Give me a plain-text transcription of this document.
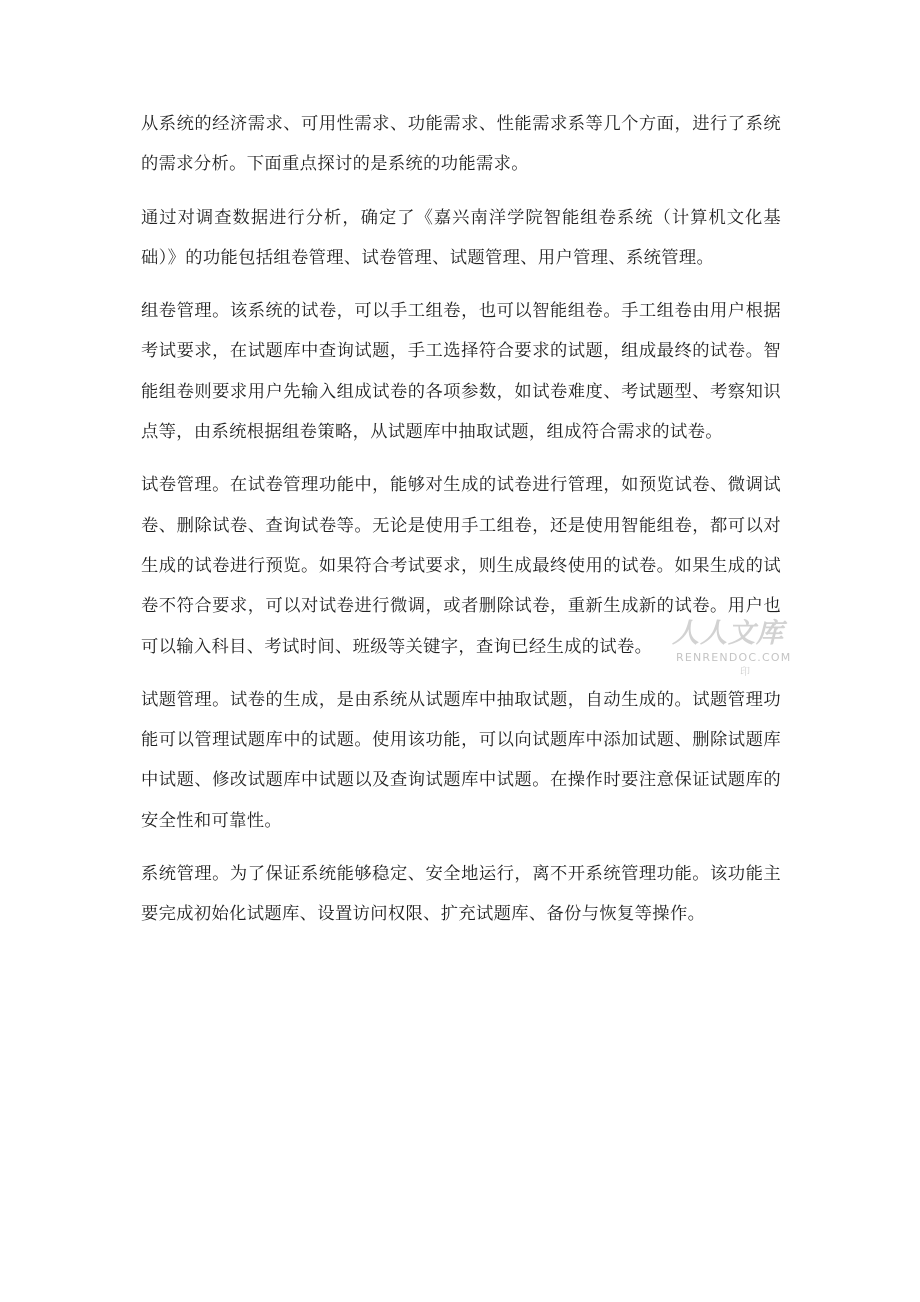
从系统的经济需求、可用性需求、功能需求、性能需求系等几个方面，进行了系统的需求分析。下面重点探讨的是系统的功能需求。

通过对调查数据进行分析，确定了《嘉兴南洋学院智能组卷系统（计算机文化基础）》的功能包括组卷管理、试卷管理、试题管理、用户管理、系统管理。

组卷管理。该系统的试卷，可以手工组卷，也可以智能组卷。手工组卷由用户根据考试要求，在试题库中查询试题，手工选择符合要求的试题，组成最终的试卷。智能组卷则要求用户先输入组成试卷的各项参数，如试卷难度、考试题型、考察知识点等，由系统根据组卷策略，从试题库中抽取试题，组成符合需求的试卷。

试卷管理。在试卷管理功能中，能够对生成的试卷进行管理，如预览试卷、微调试卷、删除试卷、查询试卷等。无论是使用手工组卷，还是使用智能组卷，都可以对生成的试卷进行预览。如果符合考试要求，则生成最终使用的试卷。如果生成的试卷不符合要求，可以对试卷进行微调，或者删除试卷，重新生成新的试卷。用户也可以输入科目、考试时间、班级等关键字，查询已经生成的试卷。

试题管理。试卷的生成，是由系统从试题库中抽取试题，自动生成的。试题管理功能可以管理试题库中的试题。使用该功能，可以向试题库中添加试题、删除试题库中试题、修改试题库中试题以及查询试题库中试题。在操作时要注意保证试题库的安全性和可靠性。

系统管理。为了保证系统能够稳定、安全地运行，离不开系统管理功能。该功能主要完成初始化试题库、设置访问权限、扩充试题库、备份与恢复等操作。

人人文库
RENRENDOC.COM
印
